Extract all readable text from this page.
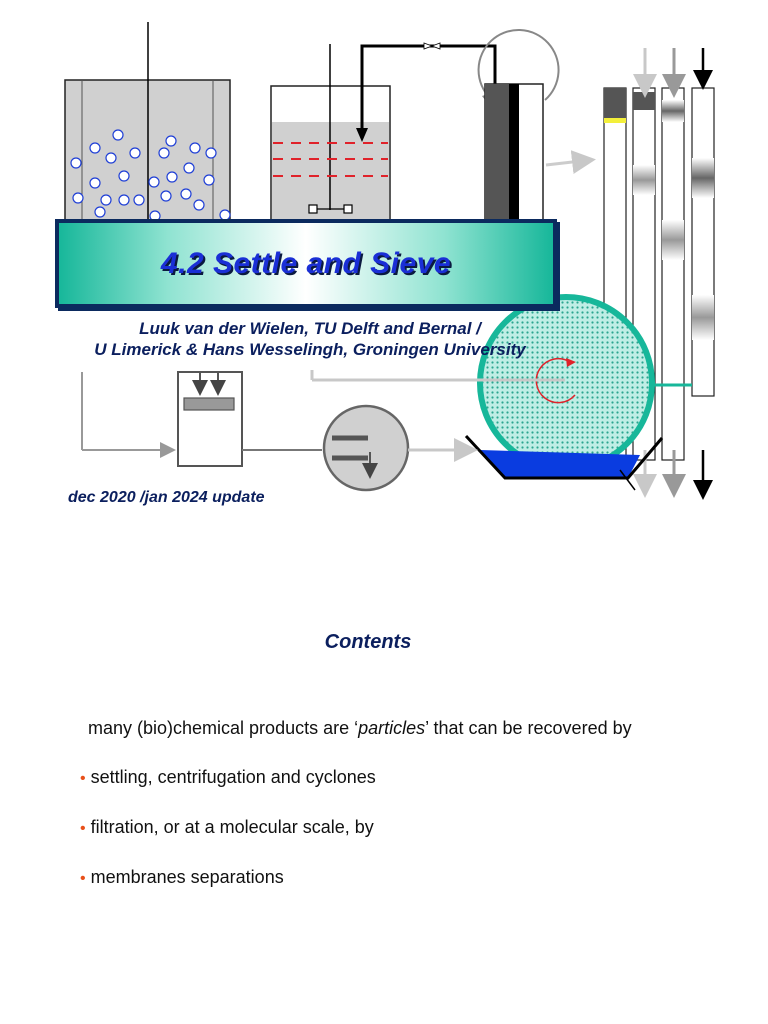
4.2 Settle and Sieve
Luuk van der Wielen, TU Delft and Bernal /
U Limerick & Hans Wesselingh, Groningen University
dec 2020 /jan 2024 update
Contents
many (bio)chemical products are ‘particles’ that can be recovered by
• settling, centrifugation and cyclones
• filtration, or at a molecular scale, by
• membranes separations
